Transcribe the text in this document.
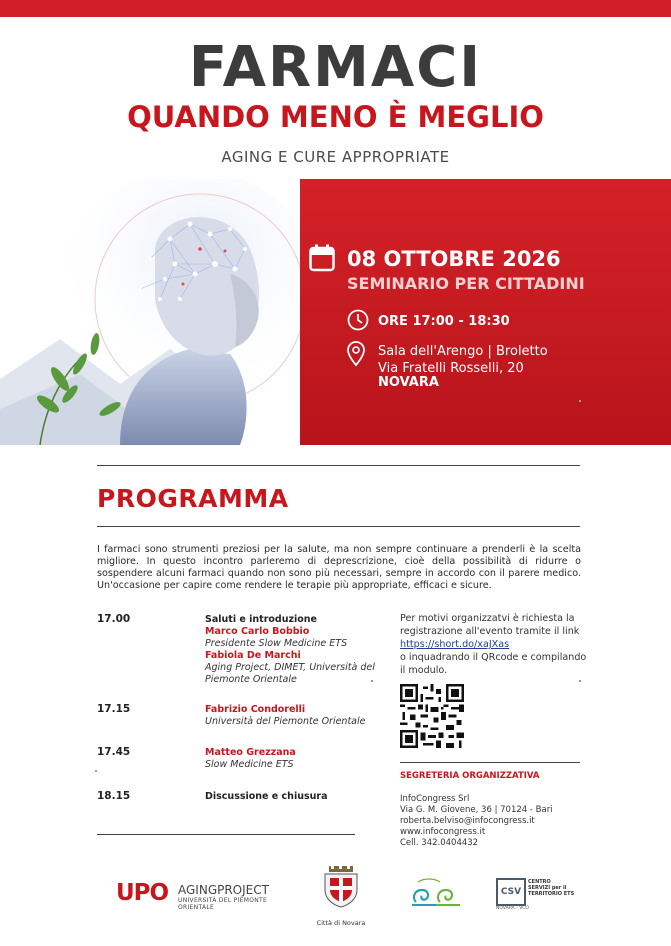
FARMACI
QUANDO MENO È MEGLIO
AGING E CURE APPROPRIATE
08 OTTOBRE 2026
SEMINARIO PER CITTADINI
ORE 17:00 - 18:30
Sala dell'Arengo | Broletto
Via Fratelli Rosselli, 20
NOVARA
PROGRAMMA
I farmaci sono strumenti preziosi per la salute, ma non sempre continuare a prenderli è la scelta migliore. In questo incontro parleremo di deprescrizione, cioè della possibilità di ridurre o sospendere alcuni farmaci quando non sono più necessari, sempre in accordo con il parere medico. Un'occasione per capire come rendere le terapie più appropriate, efficaci e sicure.
17.00	Saluti e introduzione
Marco Carlo Bobbio
Presidente Slow Medicine ETS
Fabiola De Marchi
Aging Project, DIMET, Università del Piemonte Orientale
17.15	Fabrizio Condorelli
Università del Piemonte Orientale
17.45	Matteo Grezzana
Slow Medicine ETS
18.15	Discussione e chiusura
Per motivi organizzatvi è richiesta la registrazione all'evento tramite il link
https://short.do/xaJXas
o inquadrando il QRcode e compilando il modulo.
SEGRETERIA ORGANIZZATIVA
InfoCongress Srl
Via G. M. Giovene, 36 | 70124 - Bari
roberta.belviso@infocongress.it
www.infocongress.it
Cell. 342.0404432
UPO AGINGPROJECT
UNIVERSITÀ DEL PIEMONTE ORIENTALE
Città di Novara
CSV
CENTRO
SERVIZI per il
TERRITORIO ETS
NOVARA - VCO
